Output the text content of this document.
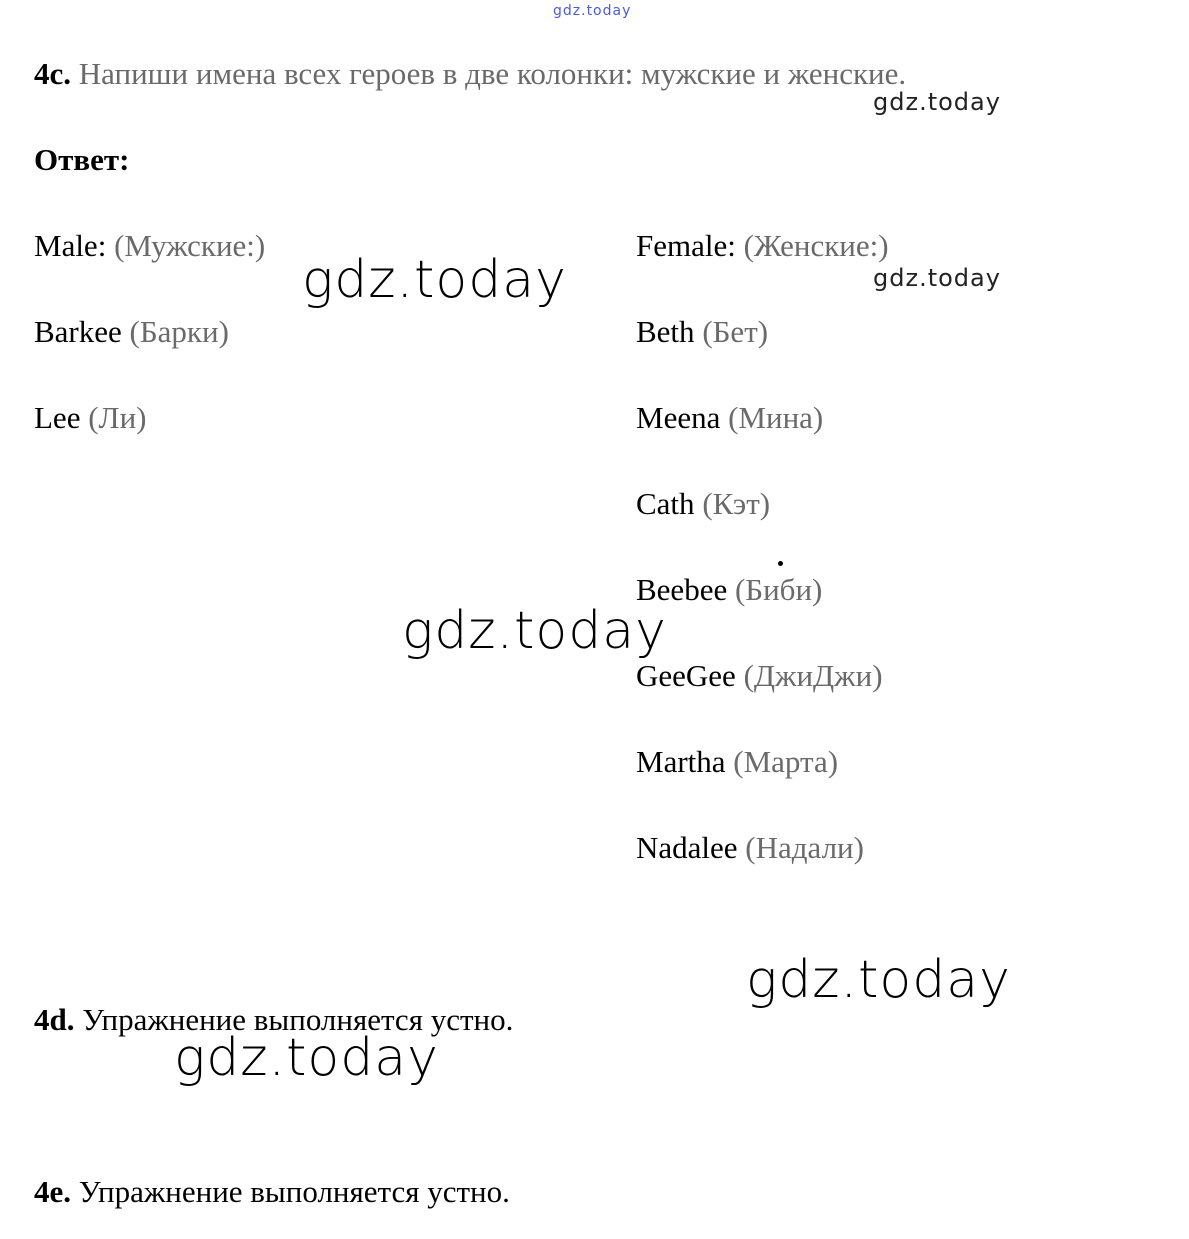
gdz.today
gdz.today
gdz.today	gdz.today
gdz.today
gdz.today
gdz.today
4c. Напиши имена всех героев в две колонки: мужские и женские.
Ответ:
Male: (Мужские:)
Barkee (Барки)
Lee (Ли)
Female: (Женские:)
Beth (Бет)
Meena (Мина)
Cath (Кэт)
Beebee (Биби)
GeeGee (ДжиДжи)
Martha (Марта)
Nadalee (Надали)
4d. Упражнение выполняется устно.
4e. Упражнение выполняется устно.
